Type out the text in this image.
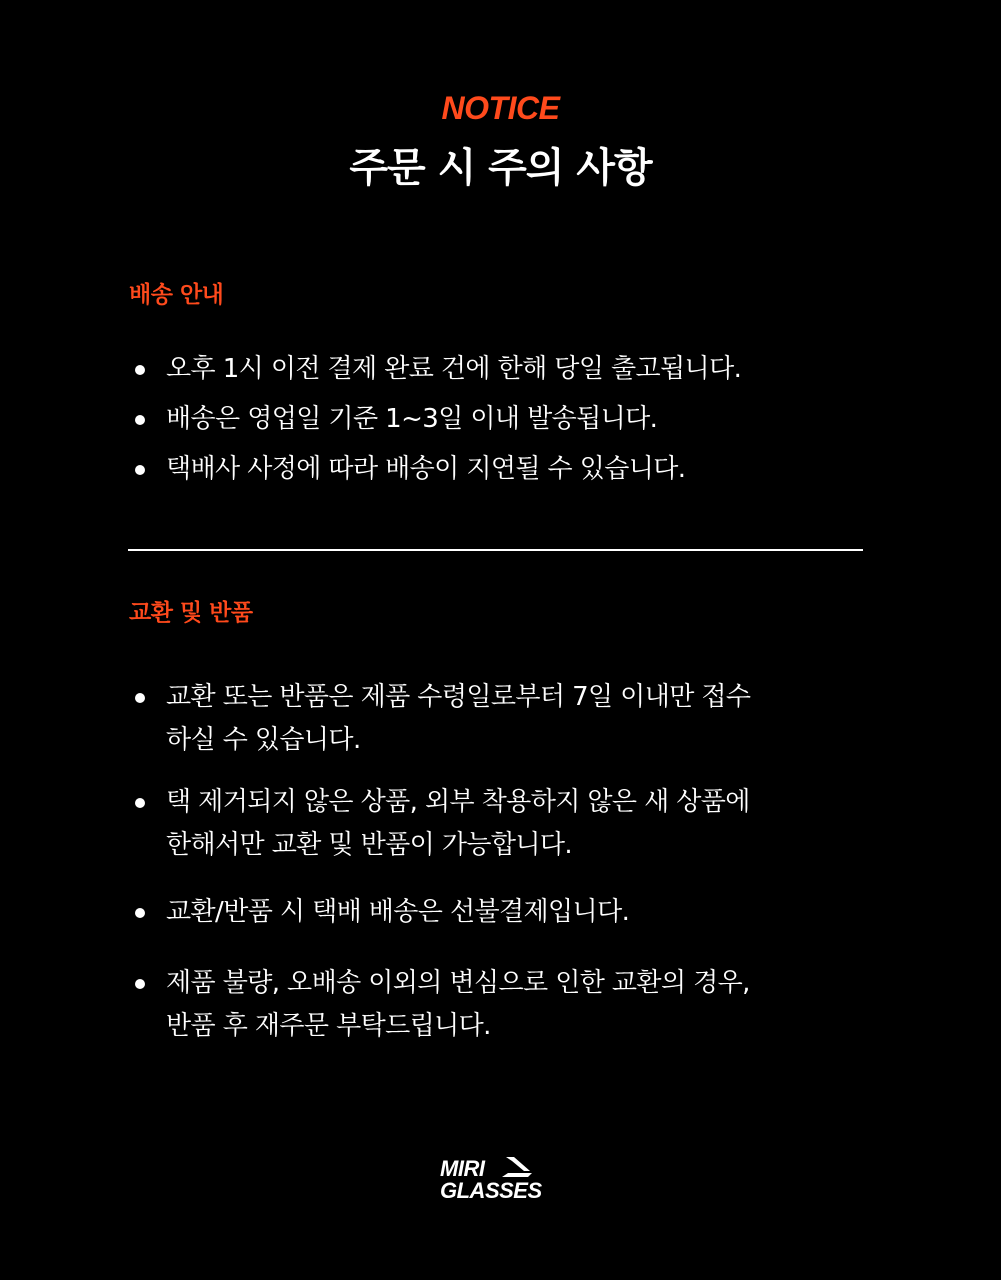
NOTICE
주문 시 주의 사항
배송 안내
오후 1시 이전 결제 완료 건에 한해 당일 출고됩니다.
배송은 영업일 기준 1~3일 이내 발송됩니다.
택배사 사정에 따라 배송이 지연될 수 있습니다.
교환 및 반품
교환 또는 반품은 제품 수령일로부터 7일 이내만 접수
하실 수 있습니다.
택 제거되지 않은 상품, 외부 착용하지 않은 새 상품에
한해서만 교환 및 반품이 가능합니다.
교환/반품 시 택배 배송은 선불결제입니다.
제품 불량, 오배송 이외의 변심으로 인한 교환의 경우,
반품 후 재주문 부탁드립니다.
MIRI
GLASSES
